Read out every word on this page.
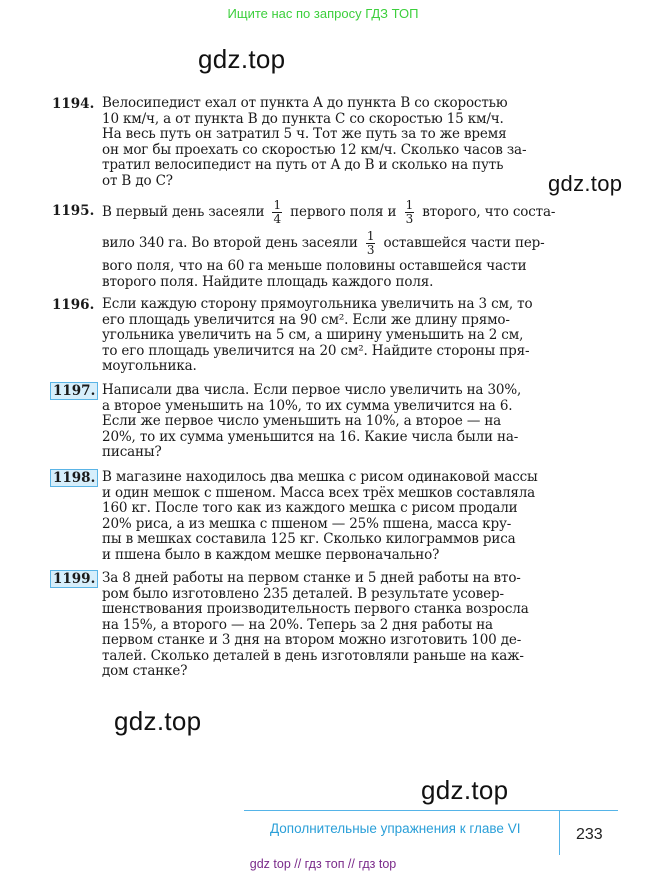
Ищите нас по запросу ГДЗ ТОП
gdz.top
gdz.top
gdz.top
gdz.top
1194. Велосипедист ехал от пункта A до пункта B со скоростью
10 км/ч, а от пункта B до пункта C со скоростью 15 км/ч.
На весь путь он затратил 5 ч. Тот же путь за то же время
он мог бы проехать со скоростью 12 км/ч. Сколько часов за-
тратил велосипедист на путь от A до B и сколько на путь
от B до C?
1195. В первый день засеяли $\frac{1}{4}$ первого поля и $\frac{1}{3}$ второго, что соста-
вило 340 га. Во второй день засеяли $\frac{1}{3}$ оставшейся части пер-
вого поля, что на 60 га меньше половины оставшейся части
второго поля. Найдите площадь каждого поля.
1196. Если каждую сторону прямоугольника увеличить на 3 см, то
его площадь увеличится на 90 см². Если же длину прямо-
угольника увеличить на 5 см, а ширину уменьшить на 2 см,
то его площадь увеличится на 20 см². Найдите стороны пря-
моугольника.
1197. Написали два числа. Если первое число увеличить на 30%,
а второе уменьшить на 10%, то их сумма увеличится на 6.
Если же первое число уменьшить на 10%, а второе — на
20%, то их сумма уменьшится на 16. Какие числа были на-
писаны?
1198. В магазине находилось два мешка с рисом одинаковой массы
и один мешок с пшеном. Масса всех трёх мешков составляла
160 кг. После того как из каждого мешка с рисом продали
20% риса, а из мешка с пшеном — 25% пшена, масса кру-
пы в мешках составила 125 кг. Сколько килограммов риса
и пшена было в каждом мешке первоначально?
1199. За 8 дней работы на первом станке и 5 дней работы на вто-
ром было изготовлено 235 деталей. В результате усовер-
шенствования производительность первого станка возросла
на 15%, а второго — на 20%. Теперь за 2 дня работы на
первом станке и 3 дня на втором можно изготовить 100 де-
талей. Сколько деталей в день изготовляли раньше на каж-
дом станке?
Дополнительные упражнения к главе VI	233
gdz top // гдз топ // гдз top
